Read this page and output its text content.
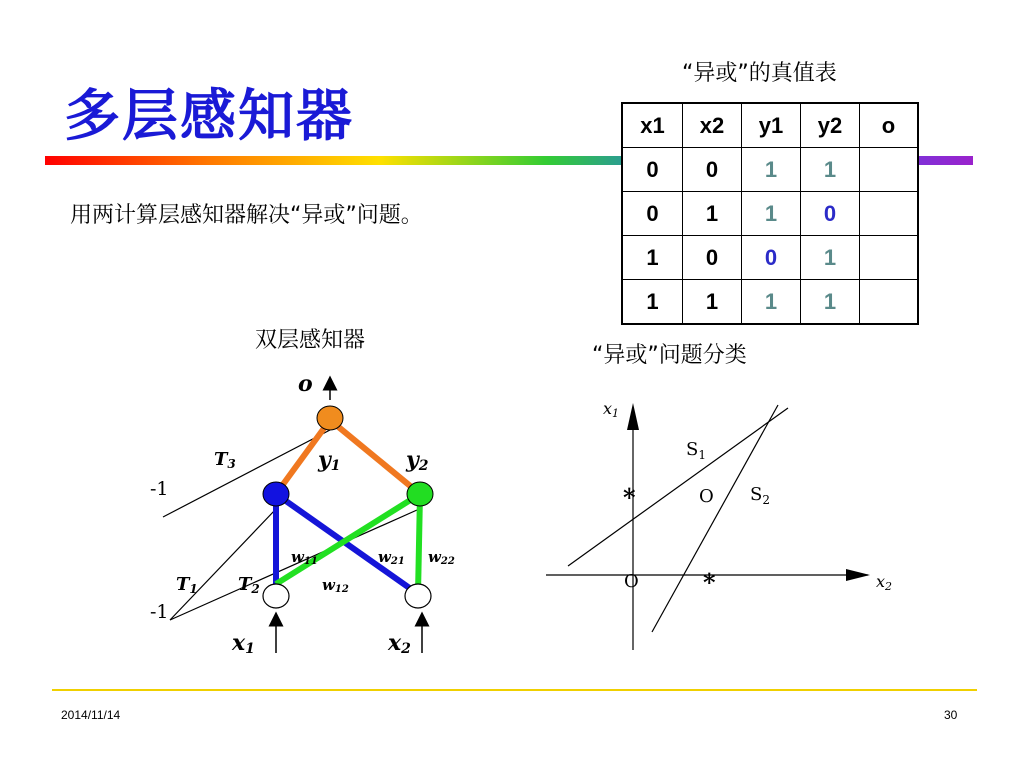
多层感知器
用两计算层感知器解决“异或”问题。
“异或”的真值表
x1	x2	y1	y2	o
0	0	1	1	
0	1	1	0	
1	0	0	1	
1	1	1	1	
双层感知器
“异或”问题分类
o
y1	y2
T3
T1 T2
-1
-1
w11	w21 w22
w12
x1	x2
x1
x2
$S_1$
$S_2$
*	O
O	*
2014/11/14	30
